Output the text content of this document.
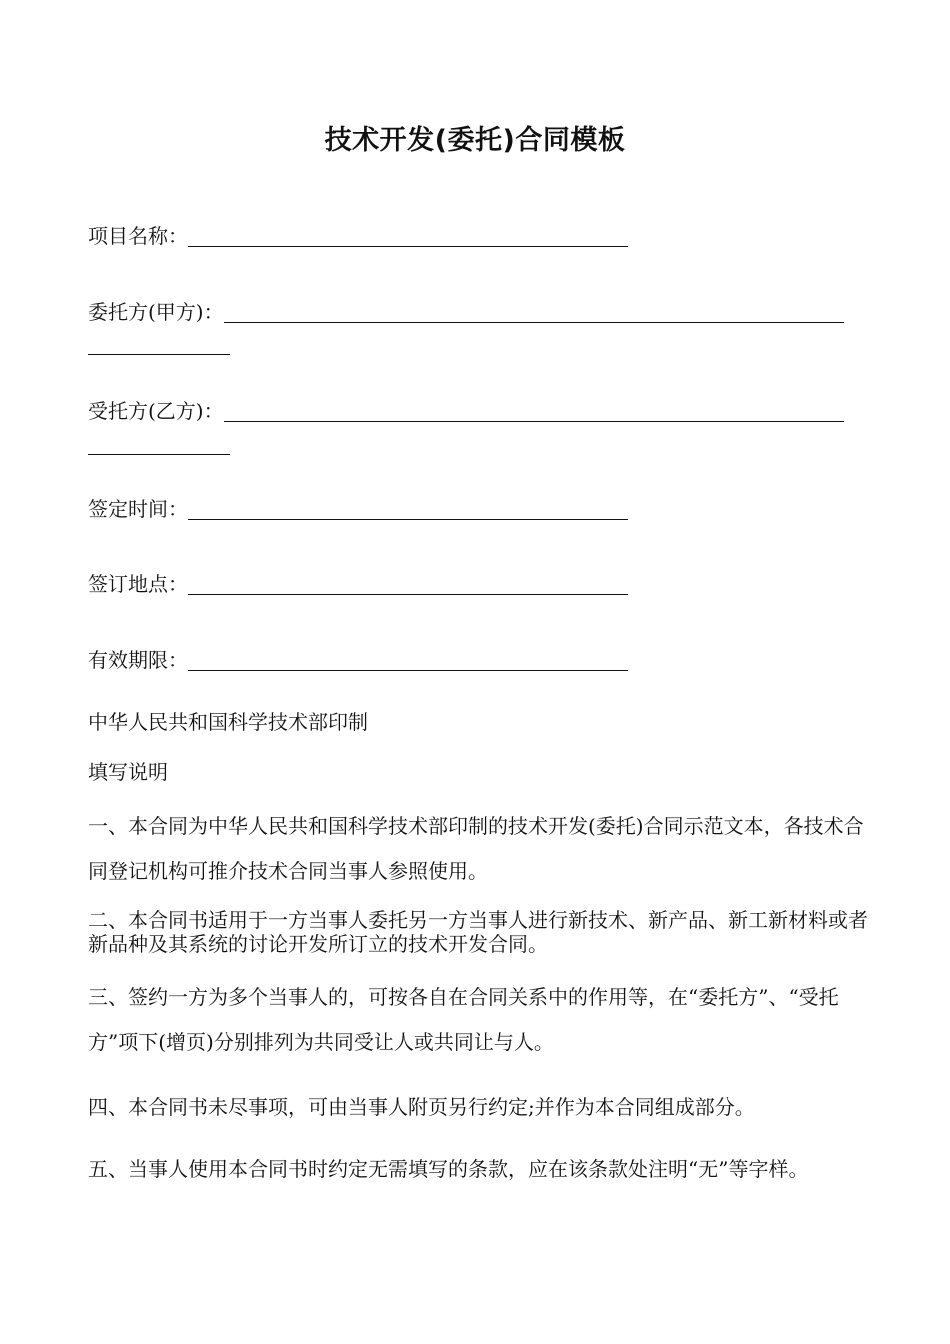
技术开发(委托)合同模板
项目名称：
委托方(甲方)：
受托方(乙方)：
签定时间：
签订地点：
有效期限：
中华人民共和国科学技术部印制
填写说明
一、本合同为中华人民共和国科学技术部印制的技术开发(委托)合同示范文本，各技术合同登记机构可推介技术合同当事人参照使用。
二、本合同书适用于一方当事人委托另一方当事人进行新技术、新产品、新工新材料或者新品种及其系统的讨论开发所订立的技术开发合同。
三、签约一方为多个当事人的，可按各自在合同关系中的作用等，在“委托方”、“受托方”项下(增页)分别排列为共同受让人或共同让与人。
四、本合同书未尽事项，可由当事人附页另行约定;并作为本合同组成部分。
五、当事人使用本合同书时约定无需填写的条款，应在该条款处注明“无”等字样。
